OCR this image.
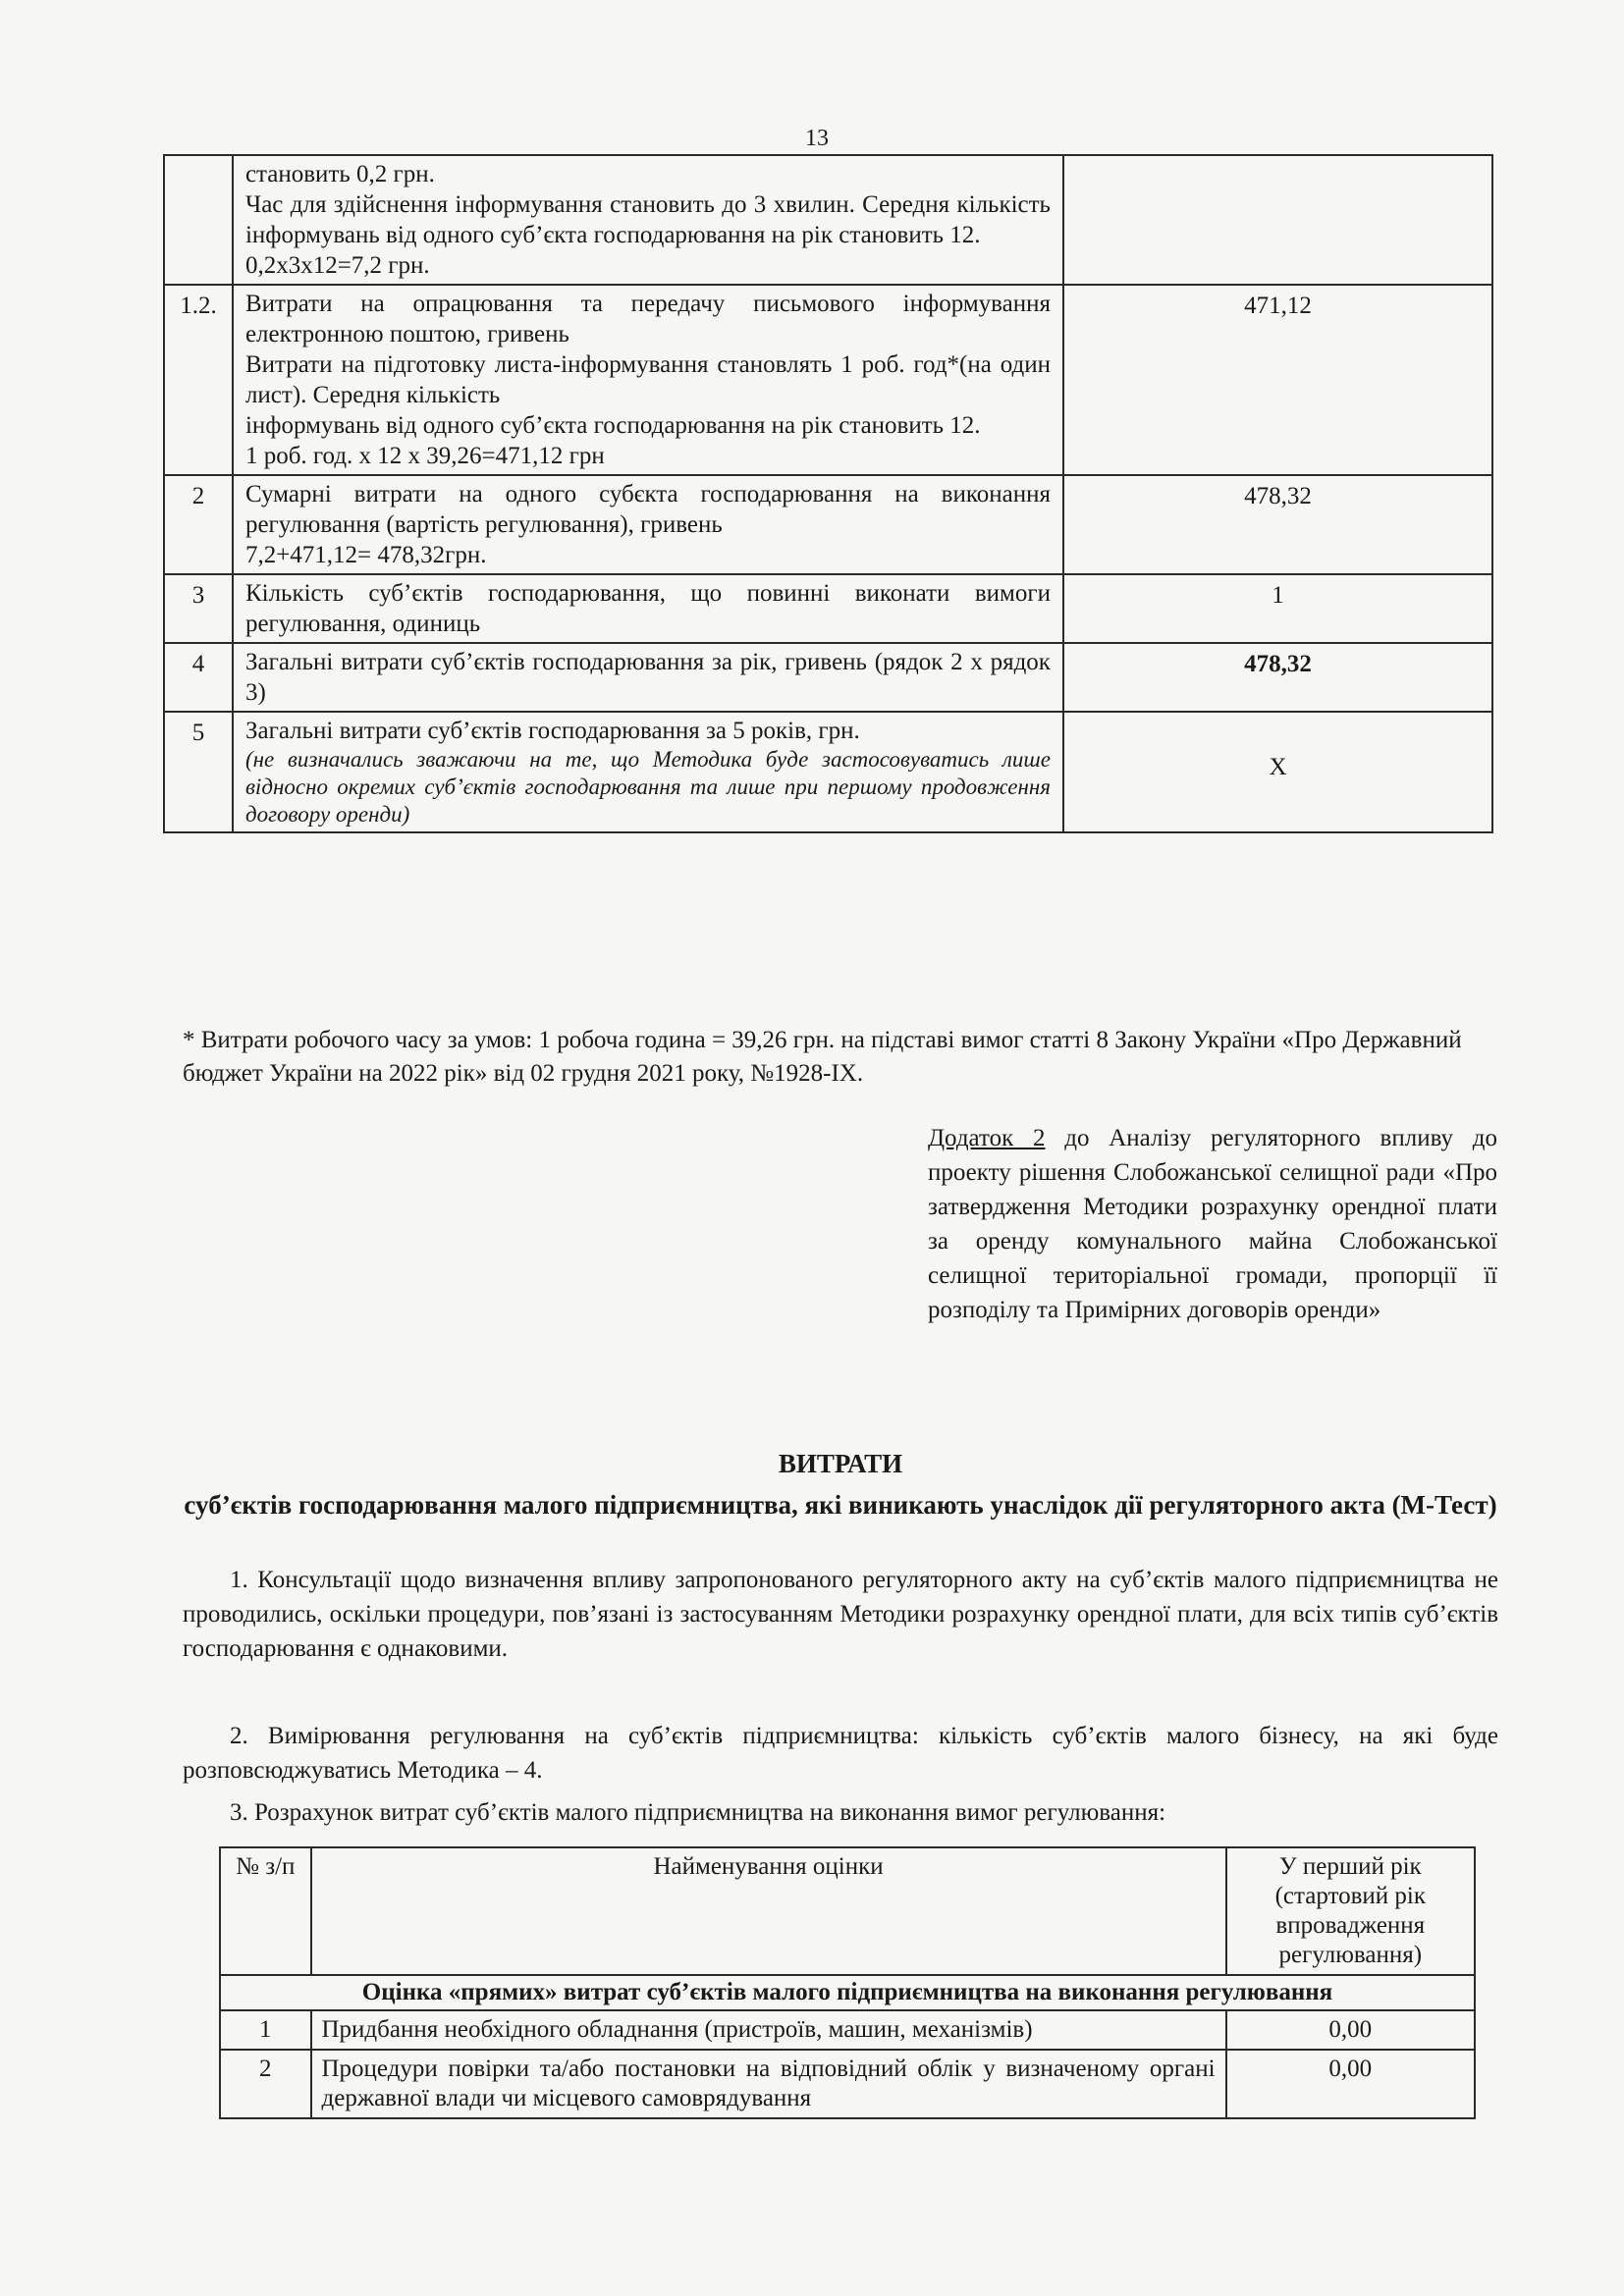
13

	становить 0,2 грн.
Час для здійснення інформування становить до 3 хвилин. Середня кількість інформувань від одного суб’єкта господарювання на рік становить 12.
0,2х3х12=7,2 грн.	

1.2.	Витрати на опрацювання та передачу письмового інформування електронною поштою, гривень
Витрати на підготовку листа-інформування становлять 1 роб. год*(на один лист). Середня кількість
інформувань від одного суб’єкта господарювання на рік становить 12.
1 роб. год. х 12 х 39,26=471,12 грн	471,12
2	Сумарні витрати на одного субєкта господарювання на виконання регулювання (вартість регулювання), гривень
7,2+471,12= 478,32грн.	478,32
3	Кількість суб’єктів господарювання, що повинні виконати вимоги регулювання, одиниць	1
4	Загальні витрати суб’єктів господарювання за рік, гривень (рядок 2 х рядок 3)	478,32
5	Загальні витрати суб’єктів господарювання за 5 років, грн.
(не визначались зважаючи на те, що Методика буде застосовуватись лише відносно окремих суб’єктів господарювання та лише при першому продовження договору оренди)	Х
* Витрати робочого часу за умов: 1 робоча година = 39,26 грн. на підставі вимог статті 8 Закону України «Про Державний бюджет України на 2022 рік» від 02 грудня 2021 року, №1928-IX.
Додаток 2 до Аналізу регуляторного впливу до проекту рішення Слобожанської селищної ради «Про затвердження Методики розрахунку орендної плати за оренду комунального майна Слобожанської селищної територіальної громади, пропорції її розподілу та Примірних договорів оренди»
ВИТРАТИ
суб’єктів господарювання малого підприємництва, які виникають унаслідок дії регуляторного акта (М-Тест)
1. Консультації щодо визначення впливу запропонованого регуляторного акту на суб’єктів малого підприємництва не проводились, оскільки процедури, пов’язані із застосуванням Методики розрахунку орендної плати, для всіх типів суб’єктів господарювання є однаковими.
2. Вимірювання регулювання на суб’єктів підприємництва: кількість суб’єктів малого бізнесу, на які буде розповсюджуватись Методика – 4.
3. Розрахунок витрат суб’єктів малого підприємництва на виконання вимог регулювання:
№ з/п	Найменування оцінки	У перший рік (стартовий рік впровадження регулювання)
Оцінка «прямих» витрат суб’єктів малого підприємництва на виконання регулювання		
1	Придбання необхідного обладнання (пристроїв, машин, механізмів)	0,00
2	Процедури повірки та/або постановки на відповідний облік у визначеному органі державної влади чи місцевого самоврядування	0,00
